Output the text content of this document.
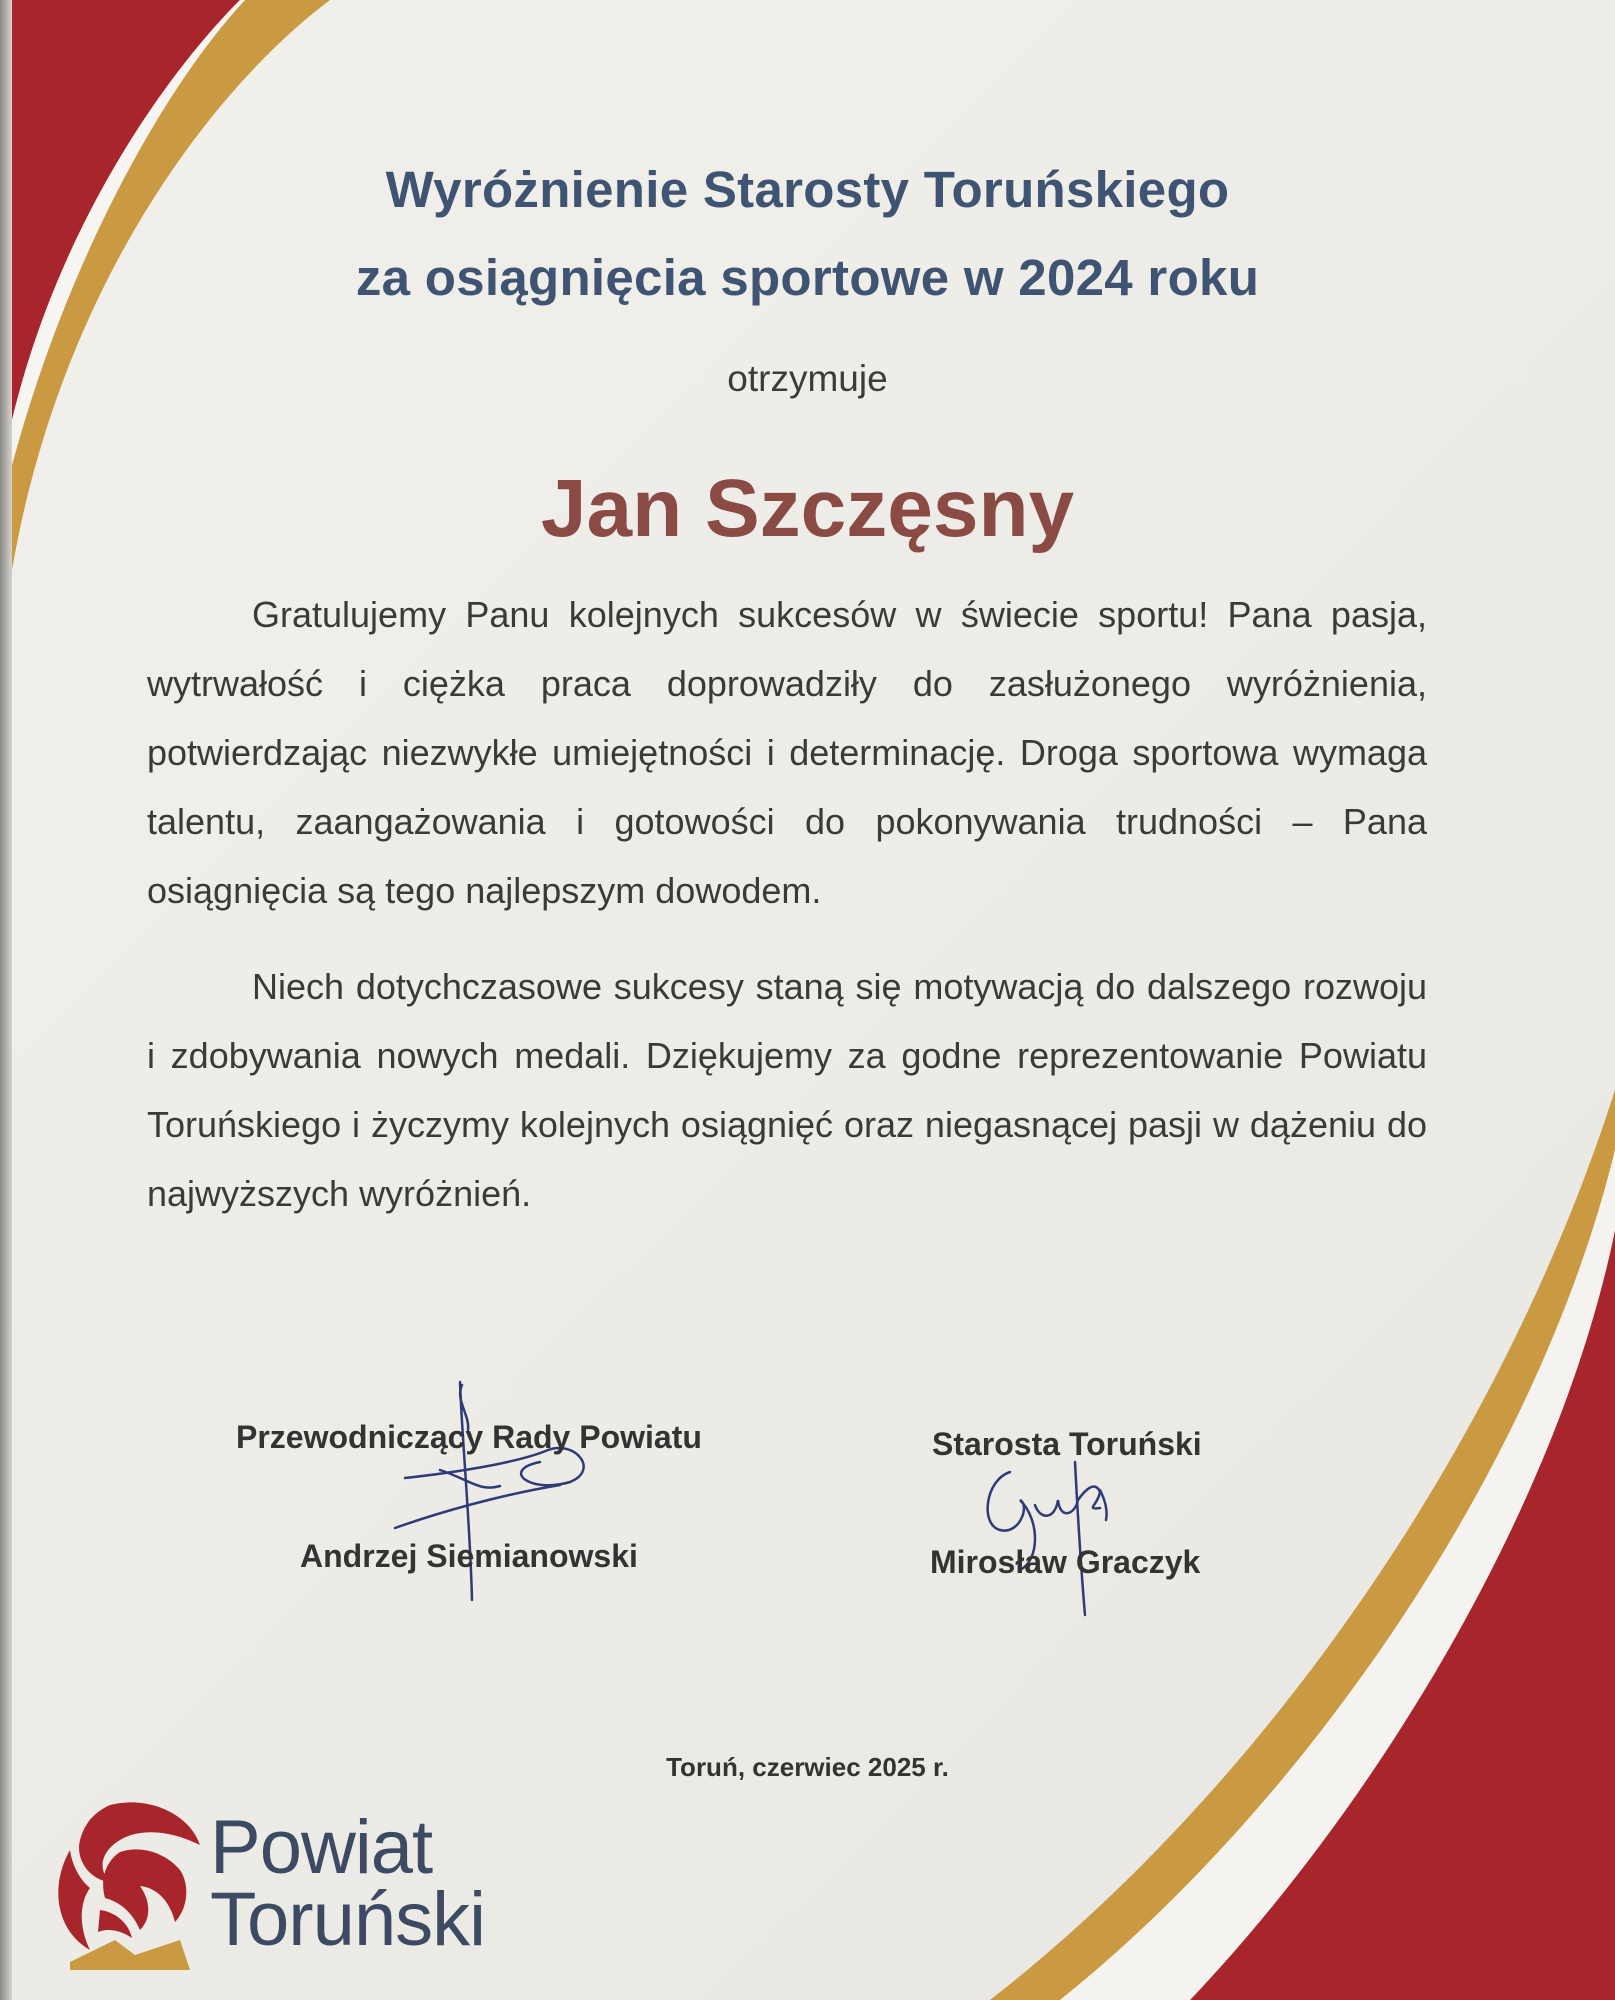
Wyróżnienie Starosty Toruńskiego

za osiągnięcia sportowe w 2024 roku

otrzymuje

Jan Szczęsny

Gratulujemy Panu kolejnych sukcesów w świecie sportu! Pana pasja, wytrwałość i ciężka praca doprowadziły do zasłużonego wyróżnienia, potwierdzając niezwykłe umiejętności i determinację. Droga sportowa wymaga talentu, zaangażowania i gotowości do pokonywania trudności – Pana osiągnięcia są tego najlepszym dowodem.

Niech dotychczasowe sukcesy staną się motywacją do dalszego rozwoju i zdobywania nowych medali. Dziękujemy za godne reprezentowanie Powiatu Toruńskiego i życzymy kolejnych osiągnięć oraz niegasnącej pasji w dążeniu do najwyższych wyróżnień.

Przewodniczący Rady Powiatu

Andrzej Siemianowski

Starosta Toruński

Mirosław Graczyk

Toruń, czerwiec 2025 r.

Powiat
Toruński
